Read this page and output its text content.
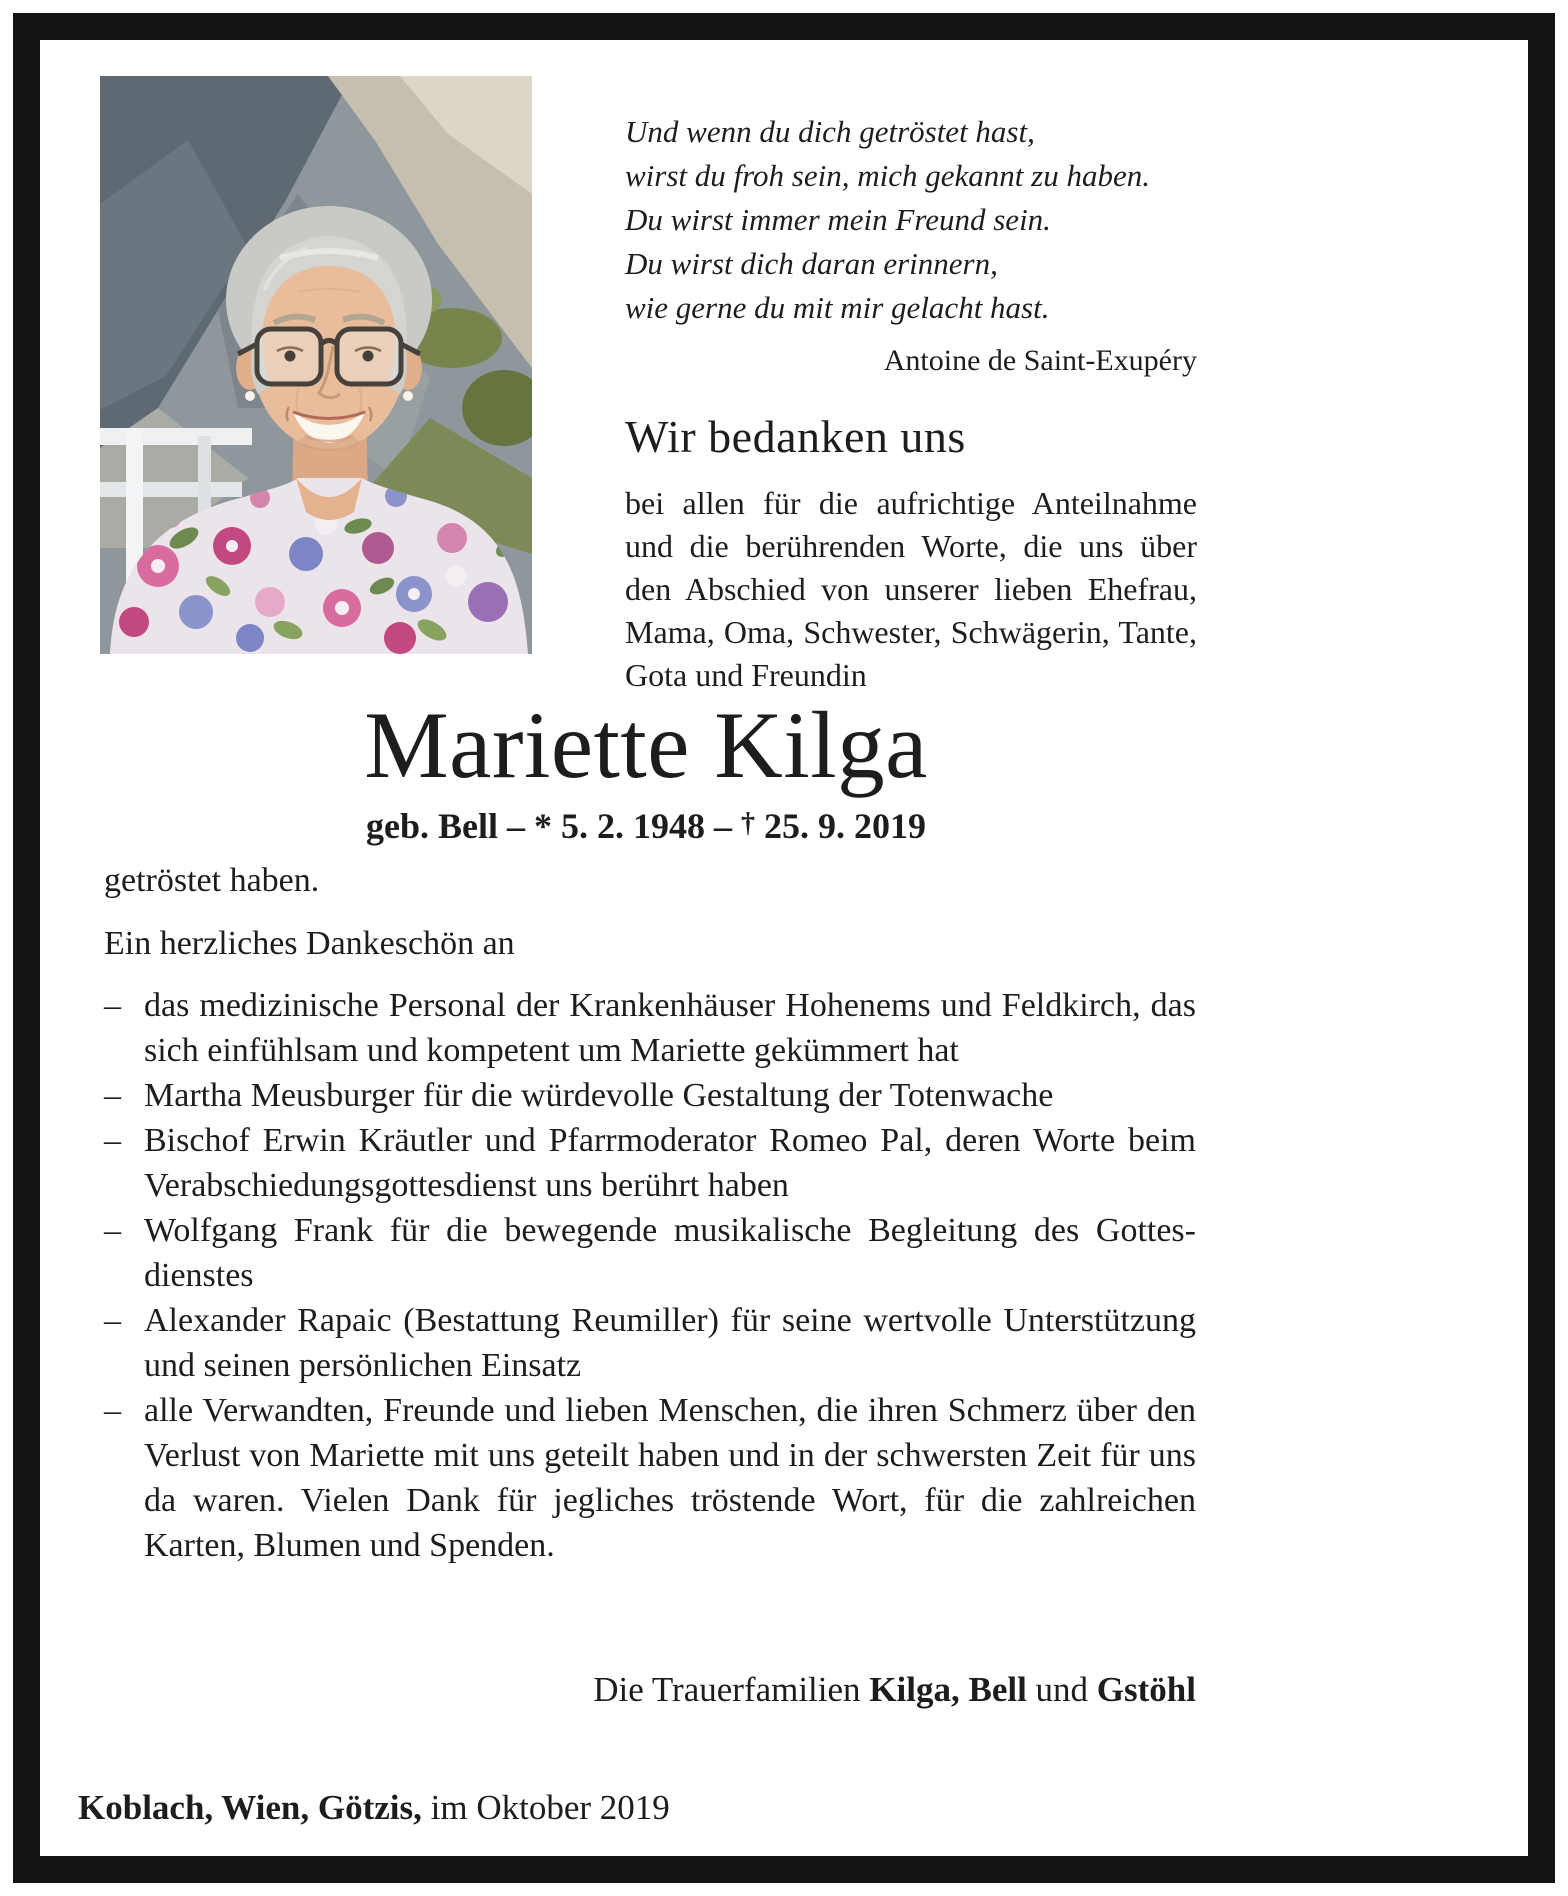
Und wenn du dich getröstet hast,
wirst du froh sein, mich gekannt zu haben.
Du wirst immer mein Freund sein.
Du wirst dich daran erinnern,
wie gerne du mit mir gelacht hast.
Antoine de Saint-Exupéry
Wir bedanken uns

bei allen für die aufrichtige Anteilnahme und die berührenden Worte, die uns über den Abschied von unserer lieben Ehefrau, Mama, Oma, Schwester, Schwägerin, Tante, Gota und Freundin

Mariette Kilga
geb. Bell – * 5. 2. 1948 – † 25. 9. 2019

getröstet haben.

Ein herzliches Dankeschön an

– das medizinische Personal der Krankenhäuser Hohenems und Feldkirch, das sich einfühlsam und kompetent um Mariette gekümmert hat
– Martha Meusburger für die würdevolle Gestaltung der Totenwache
– Bischof Erwin Kräutler und Pfarrmoderator Romeo Pal, deren Worte beim Verabschiedungsgottesdienst uns berührt haben
– Wolfgang Frank für die bewegende musikalische Begleitung des Gottesdienstes
– Alexander Rapaic (Bestattung Reumiller) für seine wertvolle Unterstützung und seinen persönlichen Einsatz
– alle Verwandten, Freunde und lieben Menschen, die ihren Schmerz über den Verlust von Mariette mit uns geteilt haben und in der schwersten Zeit für uns da waren. Vielen Dank für jegliches tröstende Wort, für die zahlreichen Karten, Blumen und Spenden.
Die Trauerfamilien Kilga, Bell und Gstöhl
Koblach, Wien, Götzis, im Oktober 2019
